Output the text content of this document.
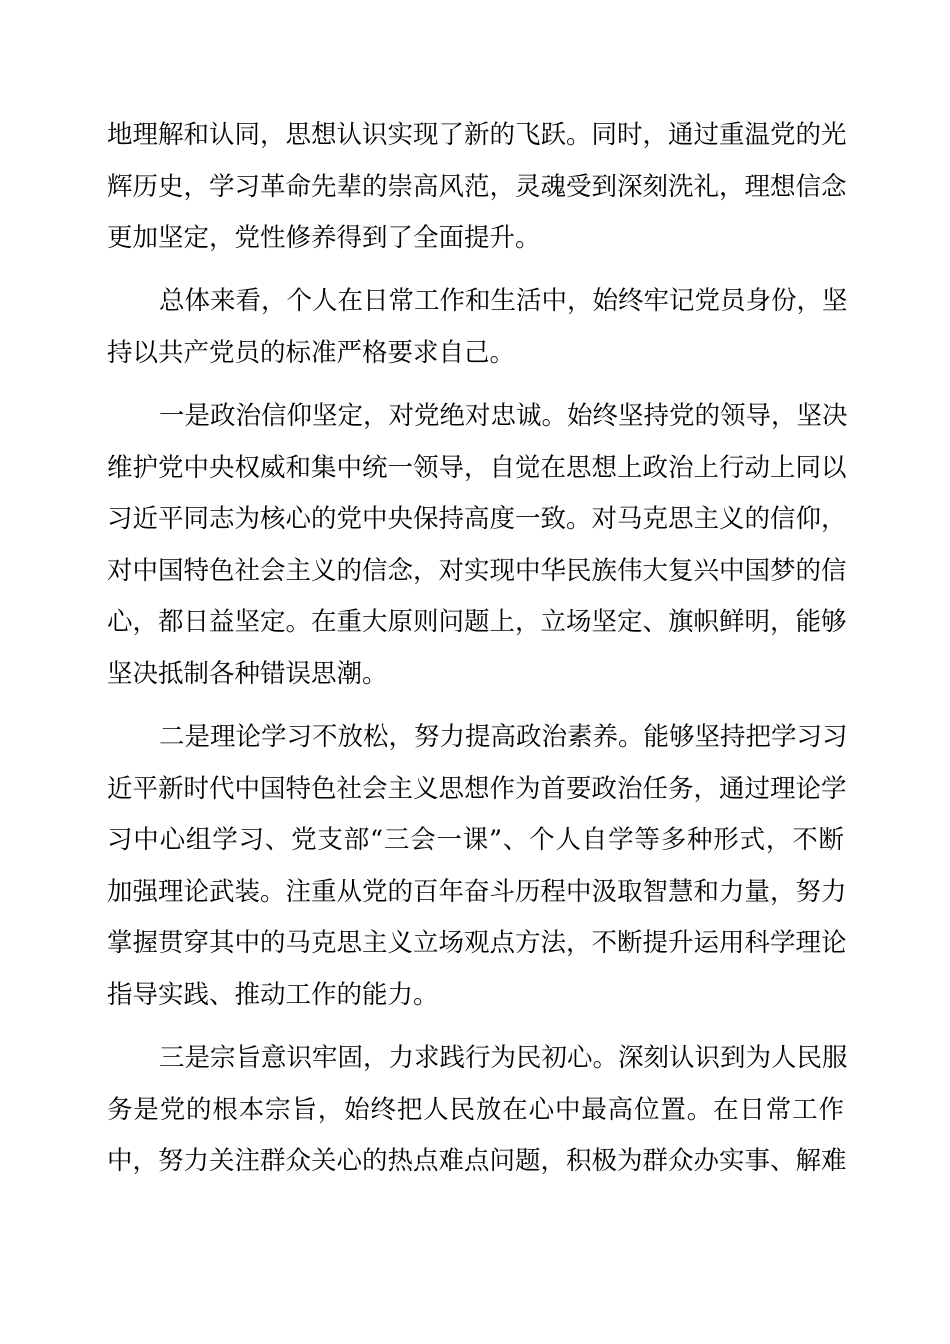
地理解和认同，思想认识实现了新的飞跃。同时，通过重温党的光
辉历史，学习革命先辈的崇高风范，灵魂受到深刻洗礼，理想信念
更加坚定，党性修养得到了全面提升。
总体来看，个人在日常工作和生活中，始终牢记党员身份，坚
持以共产党员的标准严格要求自己。
一是政治信仰坚定，对党绝对忠诚。始终坚持党的领导，坚决
维护党中央权威和集中统一领导，自觉在思想上政治上行动上同以
习近平同志为核心的党中央保持高度一致。对马克思主义的信仰，
对中国特色社会主义的信念，对实现中华民族伟大复兴中国梦的信
心，都日益坚定。在重大原则问题上，立场坚定、旗帜鲜明，能够
坚决抵制各种错误思潮。
二是理论学习不放松，努力提高政治素养。能够坚持把学习习
近平新时代中国特色社会主义思想作为首要政治任务，通过理论学
习中心组学习、党支部“三会一课”、个人自学等多种形式，不断
加强理论武装。注重从党的百年奋斗历程中汲取智慧和力量，努力
掌握贯穿其中的马克思主义立场观点方法，不断提升运用科学理论
指导实践、推动工作的能力。
三是宗旨意识牢固，力求践行为民初心。深刻认识到为人民服
务是党的根本宗旨，始终把人民放在心中最高位置。在日常工作
中，努力关注群众关心的热点难点问题，积极为群众办实事、解难
